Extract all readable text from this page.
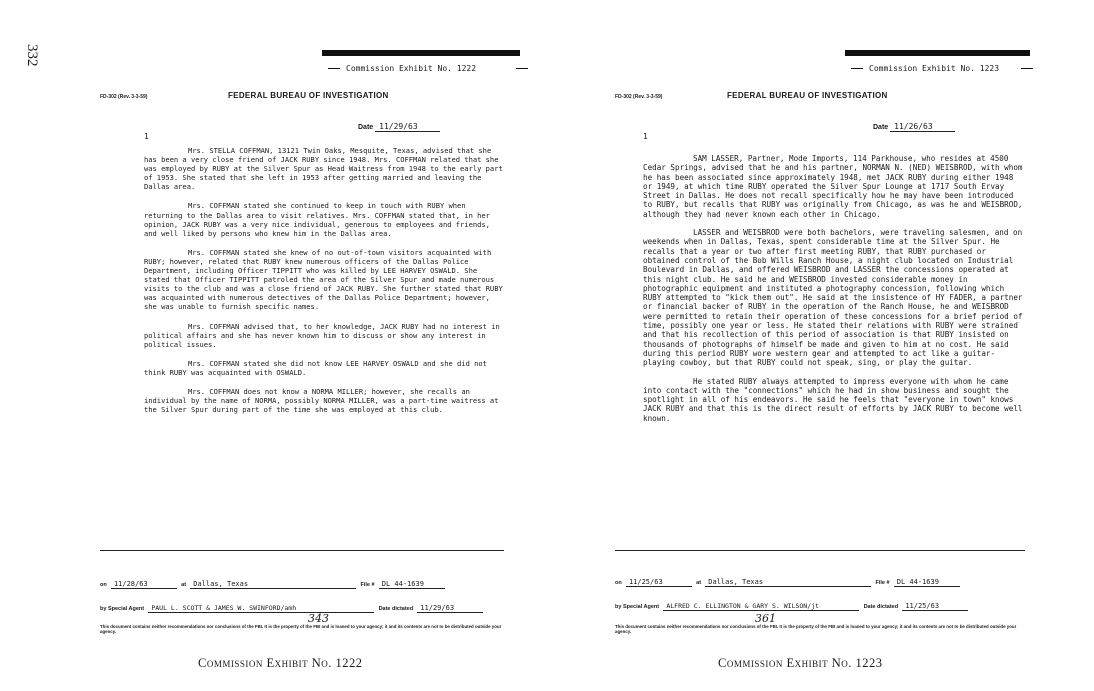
332
Commission Exhibit No. 1222
FD-302 (Rev. 3-3-59)	FEDERAL BUREAU OF INVESTIGATION
Date 11/29/63
1

Mrs. STELLA COFFMAN, 13121 Twin Oaks, Mesquite, Texas, advised that she has been a very close friend of JACK RUBY since 1948. Mrs. COFFMAN related that she was employed by RUBY at the Silver Spur as Head Waitress from 1948 to the early part of 1953. She stated that she left in 1953 after getting married and leaving the Dallas area.

Mrs. COFFMAN stated she continued to keep in touch with RUBY when returning to the Dallas area to visit relatives. Mrs. COFFMAN stated that, in her opinion, JACK RUBY was a very nice individual, generous to employees and friends, and well liked by persons who knew him in the Dallas area.

Mrs. COFFMAN stated she knew of no out-of-town visitors acquainted with RUBY; however, related that RUBY knew numerous officers of the Dallas Police Department, including Officer TIPPITT who was killed by LEE HARVEY OSWALD. She stated that Officer TIPPITT patroled the area of the Silver Spur and made numerous visits to the club and was a close friend of JACK RUBY. She further stated that RUBY was acquainted with numerous detectives of the Dallas Police Department; however, she was unable to furnish specific names.

Mrs. COFFMAN advised that, to her knowledge, JACK RUBY had no interest in political affairs and she has never known him to discuss or show any interest in political issues.

Mrs. COFFMAN stated she did not know LEE HARVEY OSWALD and she did not think RUBY was acquainted with OSWALD.

Mrs. COFFMAN does not know a NORMA MILLER; however, she recalls an individual by the name of NORMA, possibly NORMA MILLER, was a part-time waitress at the Silver Spur during part of the time she was employed at this club.

on 11/28/63	at Dallas, Texas	File # DL 44-1639
by Special Agent PAUL L. SCOTT & JAMES W. SWINFORD/amh	Date dictated 11/29/63
343
This document contains neither recommendations nor conclusions of the FBI. It is the property of the FBI and is loaned to your agency; it and its contents are not to be distributed outside your agency.
Commission Exhibit No. 1222
Commission Exhibit No. 1223
FD-302 (Rev. 3-3-59)	FEDERAL BUREAU OF INVESTIGATION
Date 11/26/63
1

SAM LASSER, Partner, Mode Imports, 114 Parkhouse, who resides at 4500 Cedar Springs, advised that he and his partner, NORMAN N. (NED) WEISBROD, with whom he has been associated since approximately 1948, met JACK RUBY during either 1948 or 1949, at which time RUBY operated the Silver Spur Lounge at 1717 South Ervay Street in Dallas. He does not recall specifically how he may have been introduced to RUBY, but recalls that RUBY was originally from Chicago, as was he and WEISBROD, although they had never known each other in Chicago.

LASSER and WEISBROD were both bachelors, were traveling salesmen, and on weekends when in Dallas, Texas, spent considerable time at the Silver Spur. He recalls that a year or two after first meeting RUBY, that RUBY purchased or obtained control of the Bob Wills Ranch House, a night club located on Industrial Boulevard in Dallas, and offered WEISBROD and LASSER the concessions operated at this night club. He said he and WEISBROD invested considerable money in photographic equipment and instituted a photography concession, following which RUBY attempted to "kick them out". He said at the insistence of HY FADER, a partner or financial backer of RUBY in the operation of the Ranch House, he and WEISBROD were permitted to retain their operation of these concessions for a brief period of time, possibly one year or less. He stated their relations with RUBY were strained and that his recollection of this period of association is that RUBY insisted on thousands of photographs of himself be made and given to him at no cost. He said during this period RUBY wore western gear and attempted to act like a guitar-playing cowboy, but that RUBY could not speak, sing, or play the guitar.

He stated RUBY always attempted to impress everyone with whom he came into contact with the "connections" which he had in show business and sought the spotlight in all of his endeavors. He said he feels that "everyone in town" knows JACK RUBY and that this is the direct result of efforts by JACK RUBY to become well known.

on 11/25/63	at Dallas, Texas	File # DL 44-1639
by Special Agent ALFRED C. ELLINGTON & GARY S. WILSON/jt	Date dictated 11/25/63
361
This document contains neither recommendations nor conclusions of the FBI. It is the property of the FBI and is loaned to your agency; it and its contents are not to be distributed outside your agency.
Commission Exhibit No. 1223
